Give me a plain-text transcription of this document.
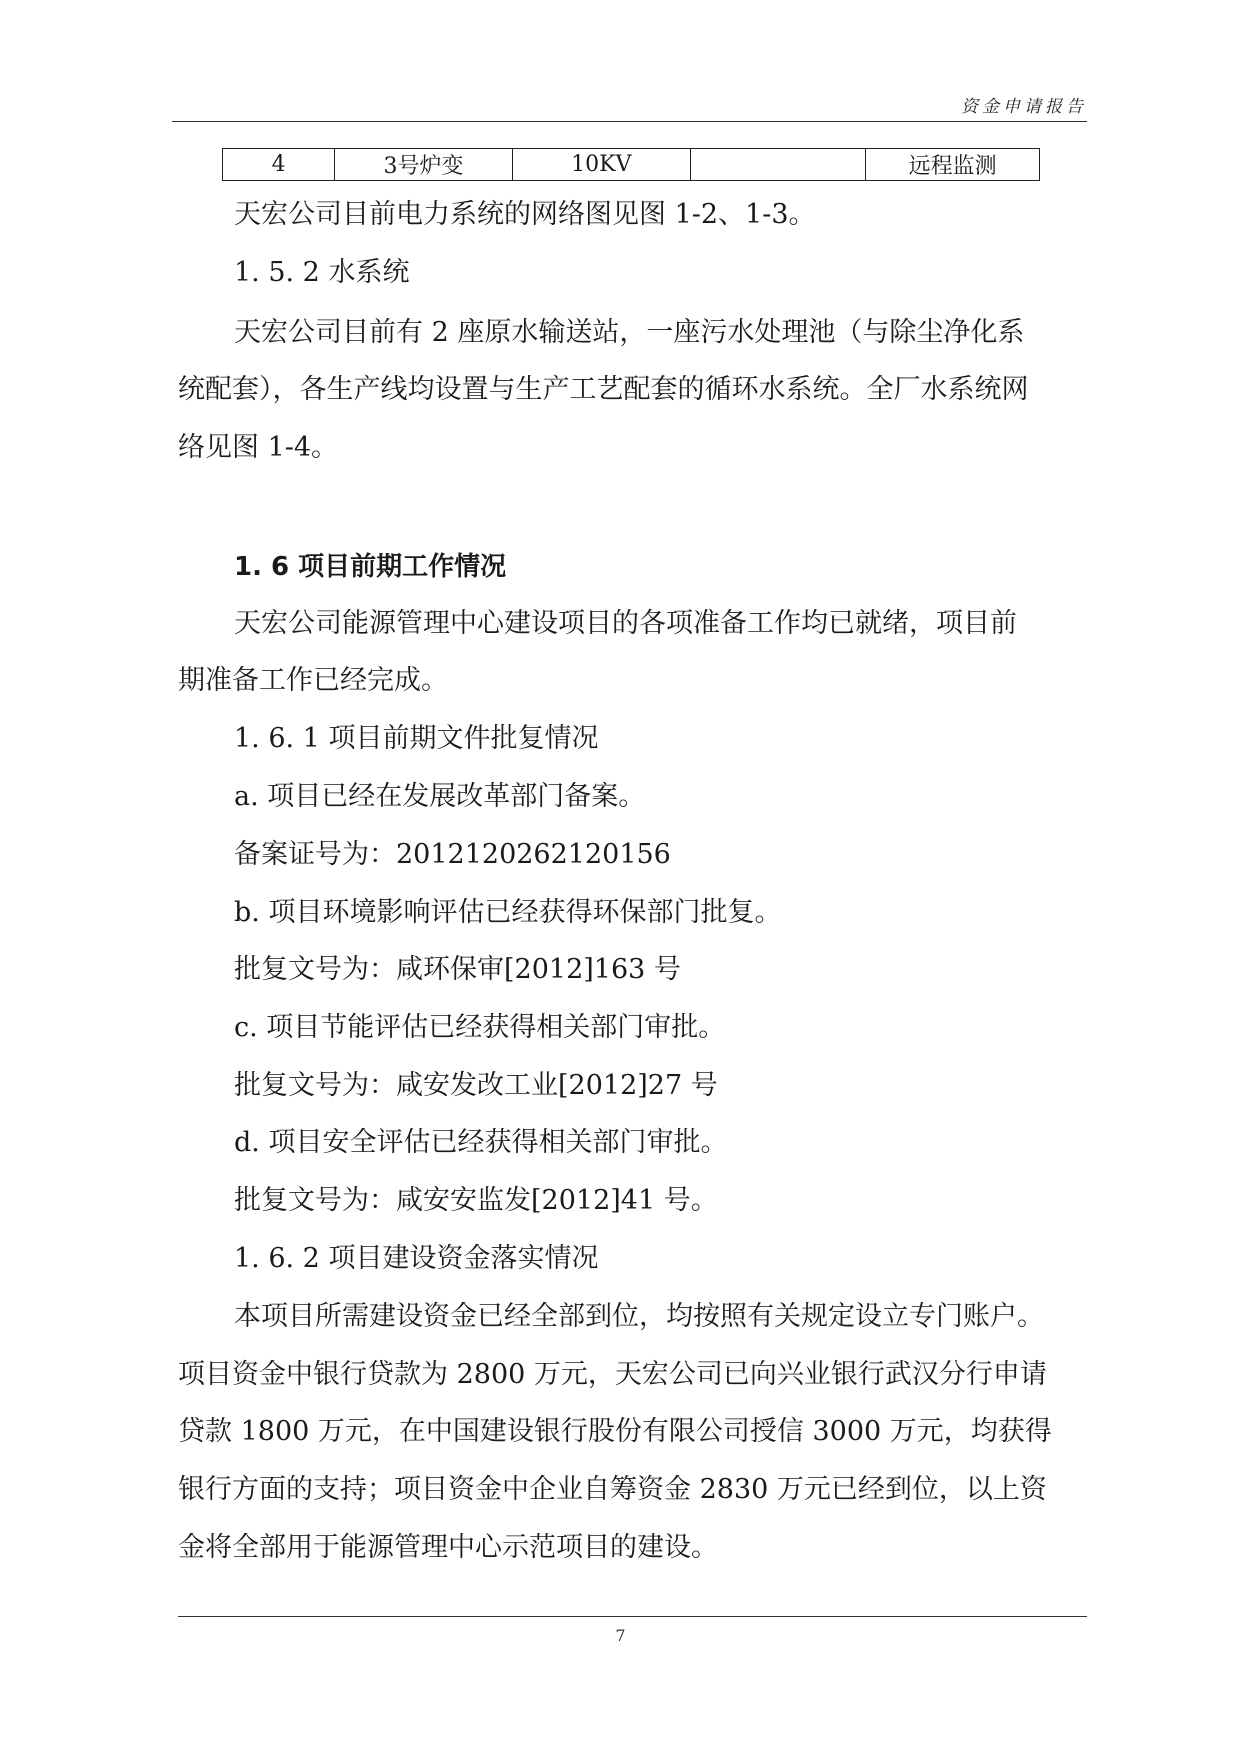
资金申请报告
4	3号炉变	10KV		远程监测
天宏公司目前电力系统的网络图见图 1-2、1-3。
1. 5. 2 水系统
天宏公司目前有 2 座原水输送站，一座污水处理池（与除尘净化系
统配套），各生产线均设置与生产工艺配套的循环水系统。全厂水系统网
络见图 1-4。
1. 6 项目前期工作情况
天宏公司能源管理中心建设项目的各项准备工作均已就绪，项目前
期准备工作已经完成。
1. 6. 1 项目前期文件批复情况
a. 项目已经在发展改革部门备案。
备案证号为：2012120262120156
b. 项目环境影响评估已经获得环保部门批复。
批复文号为：咸环保审[2012]163 号
c. 项目节能评估已经获得相关部门审批。
批复文号为：咸安发改工业[2012]27 号
d. 项目安全评估已经获得相关部门审批。
批复文号为：咸安安监发[2012]41 号。
1. 6. 2 项目建设资金落实情况
本项目所需建设资金已经全部到位，均按照有关规定设立专门账户。
项目资金中银行贷款为 2800 万元，天宏公司已向兴业银行武汉分行申请
贷款 1800 万元，在中国建设银行股份有限公司授信 3000 万元，均获得
银行方面的支持；项目资金中企业自筹资金 2830 万元已经到位，以上资
金将全部用于能源管理中心示范项目的建设。
7
